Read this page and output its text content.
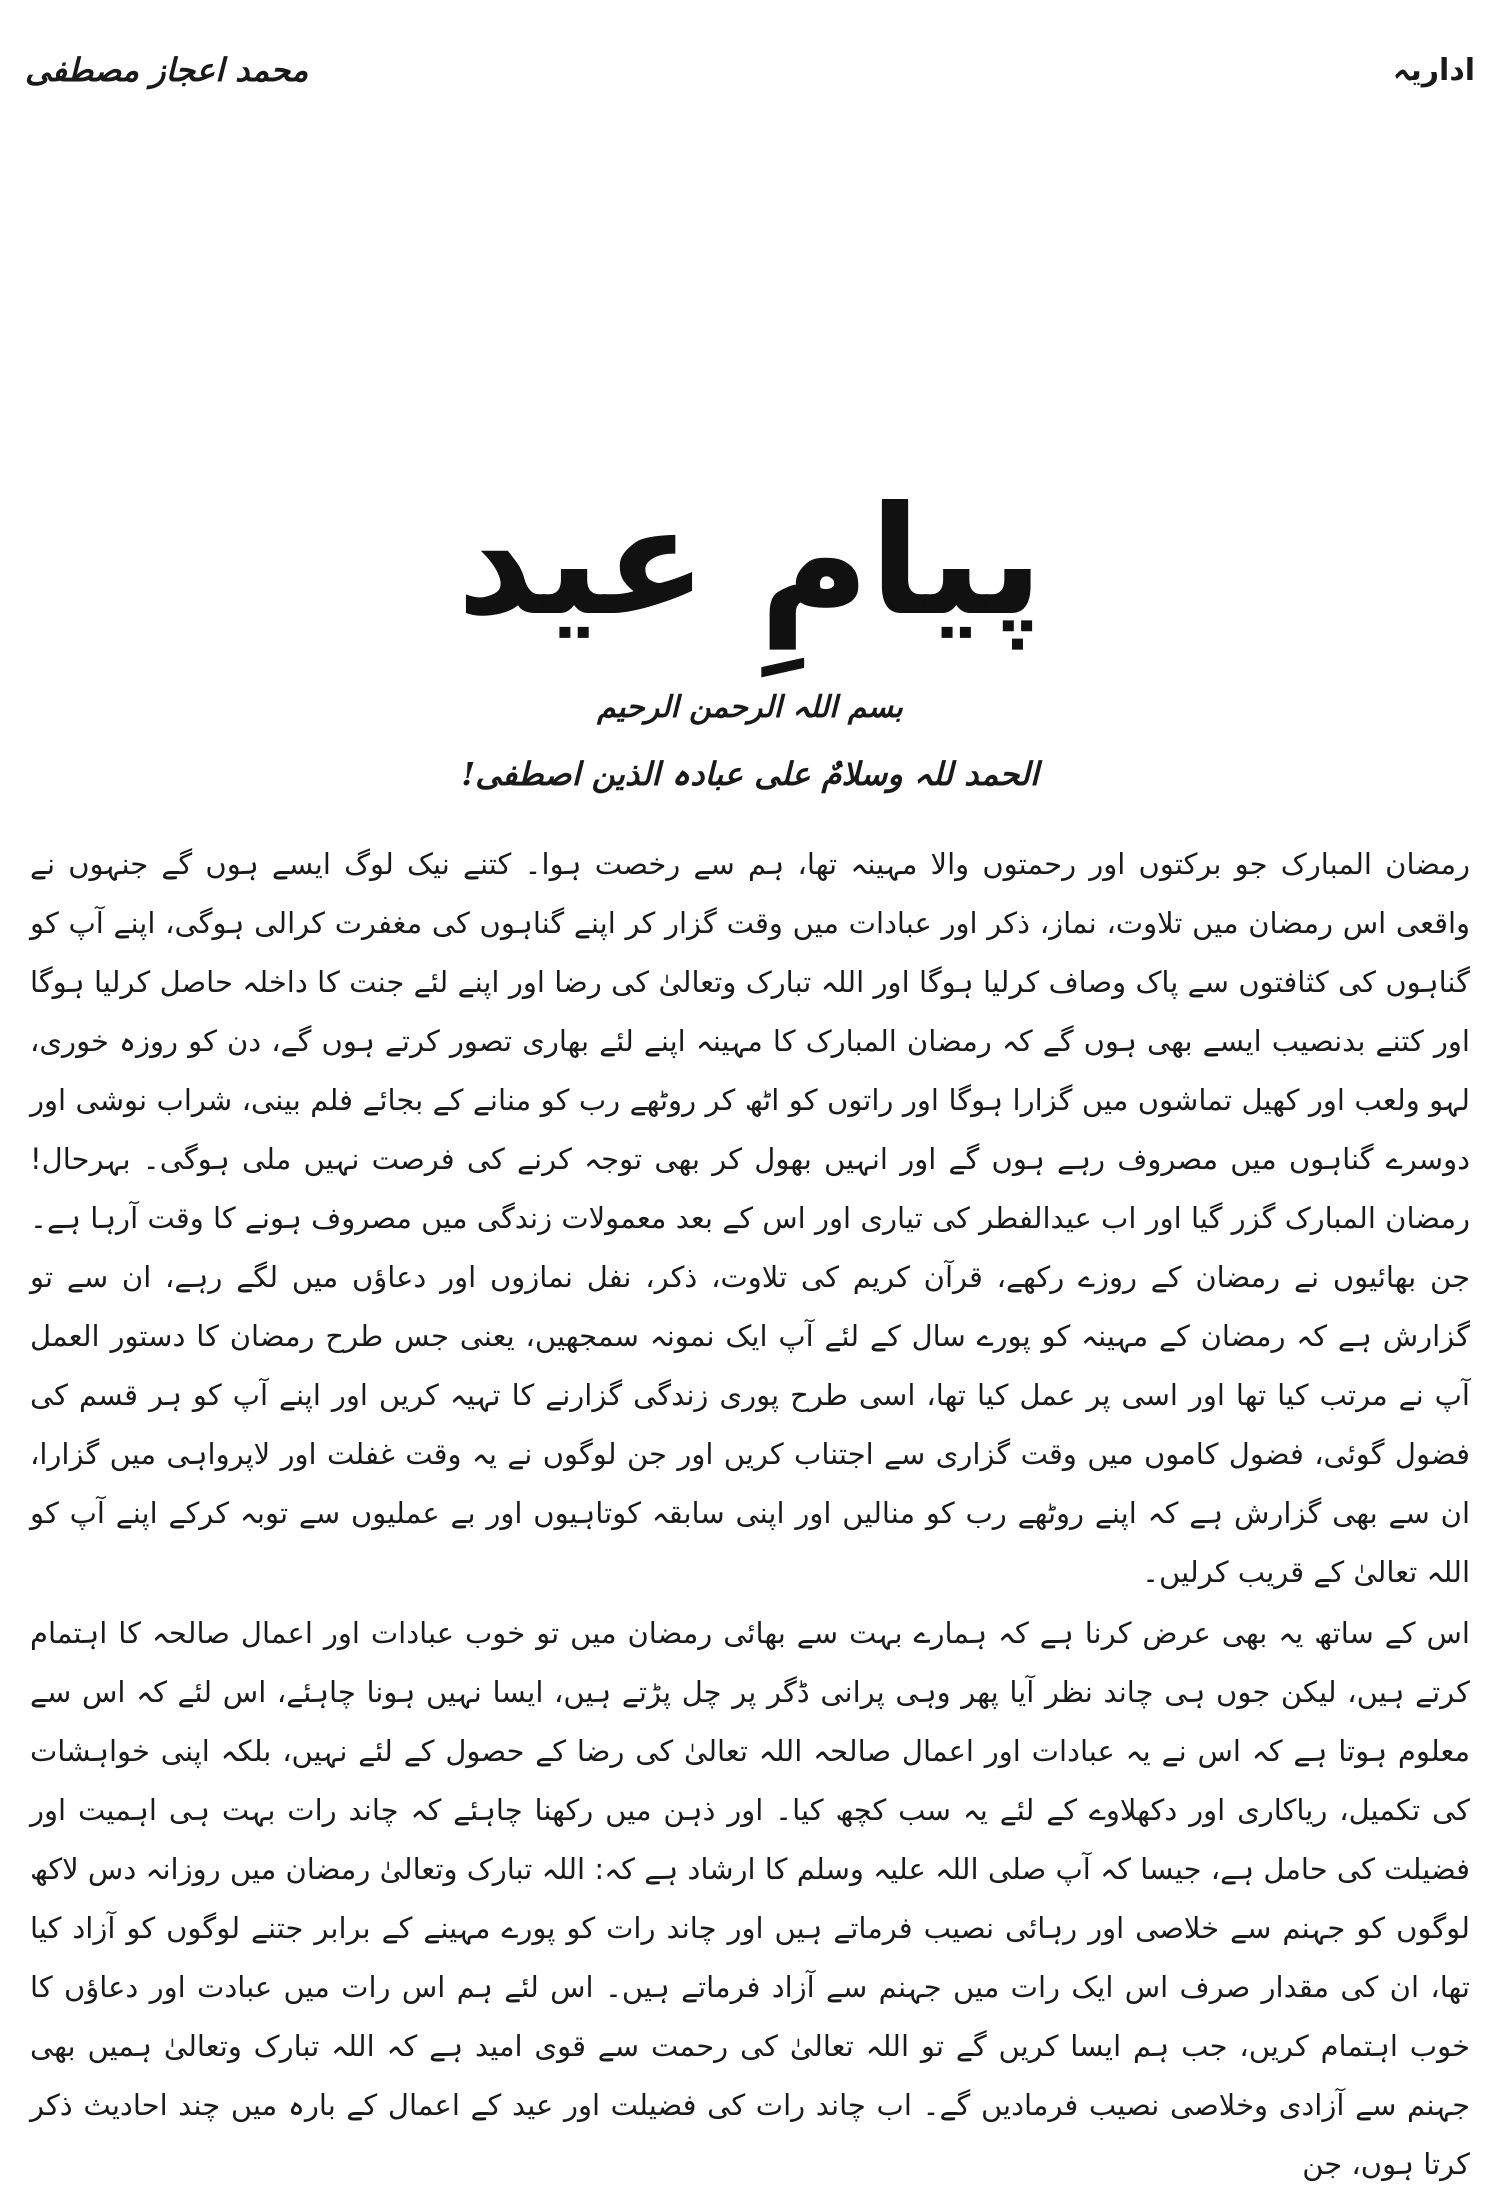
اداریہ
محمد اعجاز مصطفی
پیامِ عید
بسم اللہ الرحمن الرحیم
الحمد للہ وسلامٌ علی عبادہ الذین اصطفی!

رمضان المبارک جو برکتوں اور رحمتوں والا مہینہ تھا، ہم سے رخصت ہوا۔ کتنے نیک لوگ ایسے ہوں گے جنہوں نے واقعی اس رمضان میں تلاوت، نماز، ذکر اور عبادات میں وقت گزار کر اپنے گناہوں کی مغفرت کرالی ہوگی، اپنے آپ کو گناہوں کی کثافتوں سے پاک وصاف کرلیا ہوگا اور اللہ تبارک وتعالیٰ کی رضا اور اپنے لئے جنت کا داخلہ حاصل کرلیا ہوگا اور کتنے بدنصیب ایسے بھی ہوں گے کہ رمضان المبارک کا مہینہ اپنے لئے بھاری تصور کرتے ہوں گے، دن کو روزہ خوری، لہو ولعب اور کھیل تماشوں میں گزارا ہوگا اور راتوں کو اٹھ کر روٹھے رب کو منانے کے بجائے فلم بینی، شراب نوشی اور دوسرے گناہوں میں مصروف رہے ہوں گے اور انہیں بھول کر بھی توجہ کرنے کی فرصت نہیں ملی ہوگی۔ بہرحال! رمضان المبارک گزر گیا اور اب عیدالفطر کی تیاری اور اس کے بعد معمولات زندگی میں مصروف ہونے کا وقت آرہا ہے۔ جن بھائیوں نے رمضان کے روزے رکھے، قرآن کریم کی تلاوت، ذکر، نفل نمازوں اور دعاؤں میں لگے رہے، ان سے تو گزارش ہے کہ رمضان کے مہینہ کو پورے سال کے لئے آپ ایک نمونہ سمجھیں، یعنی جس طرح رمضان کا دستور العمل آپ نے مرتب کیا تھا اور اسی پر عمل کیا تھا، اسی طرح پوری زندگی گزارنے کا تہیہ کریں اور اپنے آپ کو ہر قسم کی فضول گوئی، فضول کاموں میں وقت گزاری سے اجتناب کریں اور جن لوگوں نے یہ وقت غفلت اور لاپرواہی میں گزارا، ان سے بھی گزارش ہے کہ اپنے روٹھے رب کو منالیں اور اپنی سابقہ کوتاہیوں اور بے عملیوں سے توبہ کرکے اپنے آپ کو اللہ تعالیٰ کے قریب کرلیں۔

اس کے ساتھ یہ بھی عرض کرنا ہے کہ ہمارے بہت سے بھائی رمضان میں تو خوب عبادات اور اعمال صالحہ کا اہتمام کرتے ہیں، لیکن جوں ہی چاند نظر آیا پھر وہی پرانی ڈگر پر چل پڑتے ہیں، ایسا نہیں ہونا چاہئے، اس لئے کہ اس سے معلوم ہوتا ہے کہ اس نے یہ عبادات اور اعمال صالحہ اللہ تعالیٰ کی رضا کے حصول کے لئے نہیں، بلکہ اپنی خواہشات کی تکمیل، ریاکاری اور دکھلاوے کے لئے یہ سب کچھ کیا۔ اور ذہن میں رکھنا چاہئے کہ چاند رات بہت ہی اہمیت اور فضیلت کی حامل ہے، جیسا کہ آپ صلی اللہ علیہ وسلم کا ارشاد ہے کہ: اللہ تبارک وتعالیٰ رمضان میں روزانہ دس لاکھ لوگوں کو جہنم سے خلاصی اور رہائی نصیب فرماتے ہیں اور چاند رات کو پورے مہینے کے برابر جتنے لوگوں کو آزاد کیا تھا، ان کی مقدار صرف اس ایک رات میں جہنم سے آزاد فرماتے ہیں۔ اس لئے ہم اس رات میں عبادت اور دعاؤں کا خوب اہتمام کریں، جب ہم ایسا کریں گے تو اللہ تعالیٰ کی رحمت سے قوی امید ہے کہ اللہ تبارک وتعالیٰ ہمیں بھی جہنم سے آزادی وخلاصی نصیب فرمادیں گے۔ اب چاند رات کی فضیلت اور عید کے اعمال کے بارہ میں چند احادیث ذکر کرتا ہوں، جن
